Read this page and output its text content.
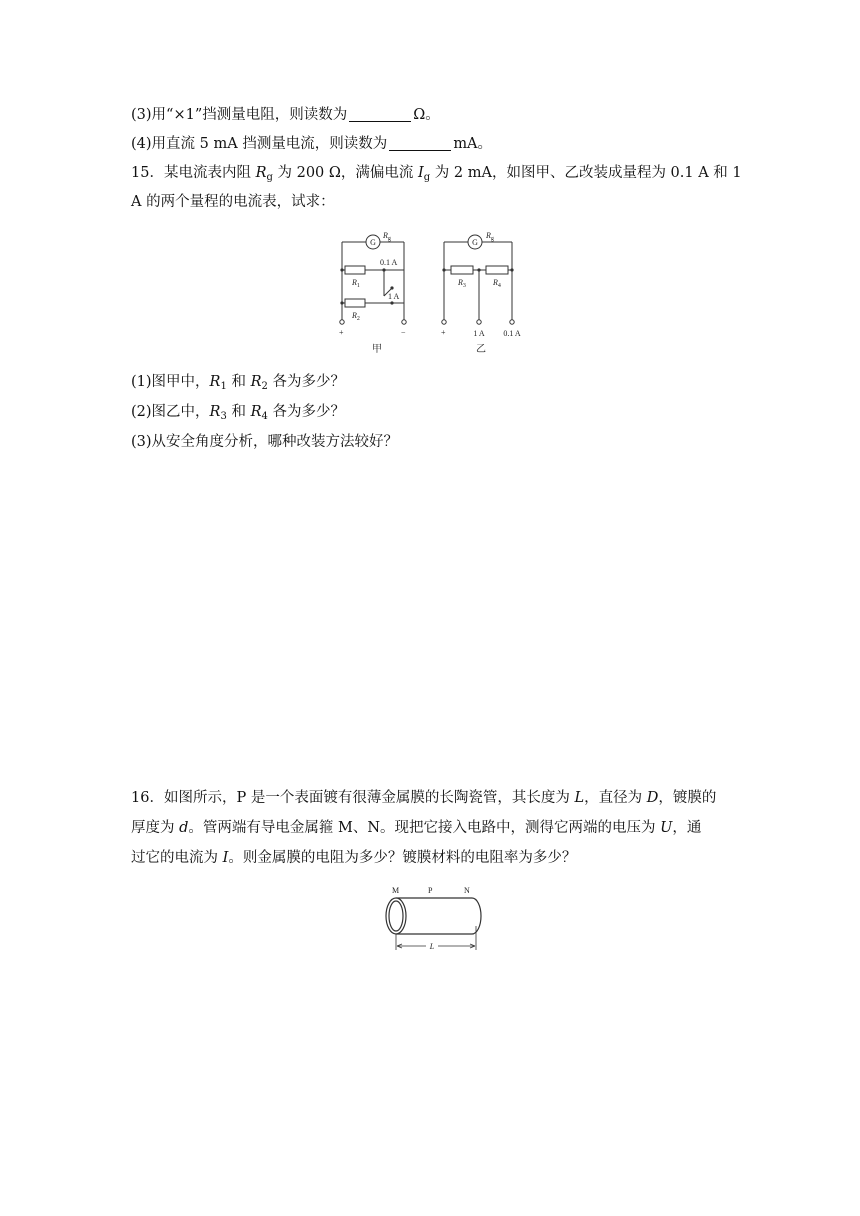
(3)用“×1”挡测量电阻，则读数为	Ω。
(4)用直流 5 mA 挡测量电流，则读数为	mA。
15．某电流表内阻 $R_g$ 为 200 Ω，满偏电流 $I_g$ 为 2 mA，如图甲、乙改装成量程为 0.1 A 和 1
A 的两个量程的电流表，试求：
G
$R_g$
$R_1$
$R_2$
0.1 A
1 A
+	−
甲
G
$R_g$
$R_3$	$R_4$
+	1 A 0.1 A
乙
(1)图甲中，$R_1$ 和 $R_2$ 各为多少？
(2)图乙中，$R_3$ 和 $R_4$ 各为多少？
(3)从安全角度分析，哪种改装方法较好？
16．如图所示，P 是一个表面镀有很薄金属膜的长陶瓷管，其长度为 L，直径为 D，镀膜的
厚度为 d。管两端有导电金属箍 M、N。现把它接入电路中，测得它两端的电压为 U，通
过它的电流为 I。则金属膜的电阻为多少？镀膜材料的电阻率为多少？
M	P	N
L
